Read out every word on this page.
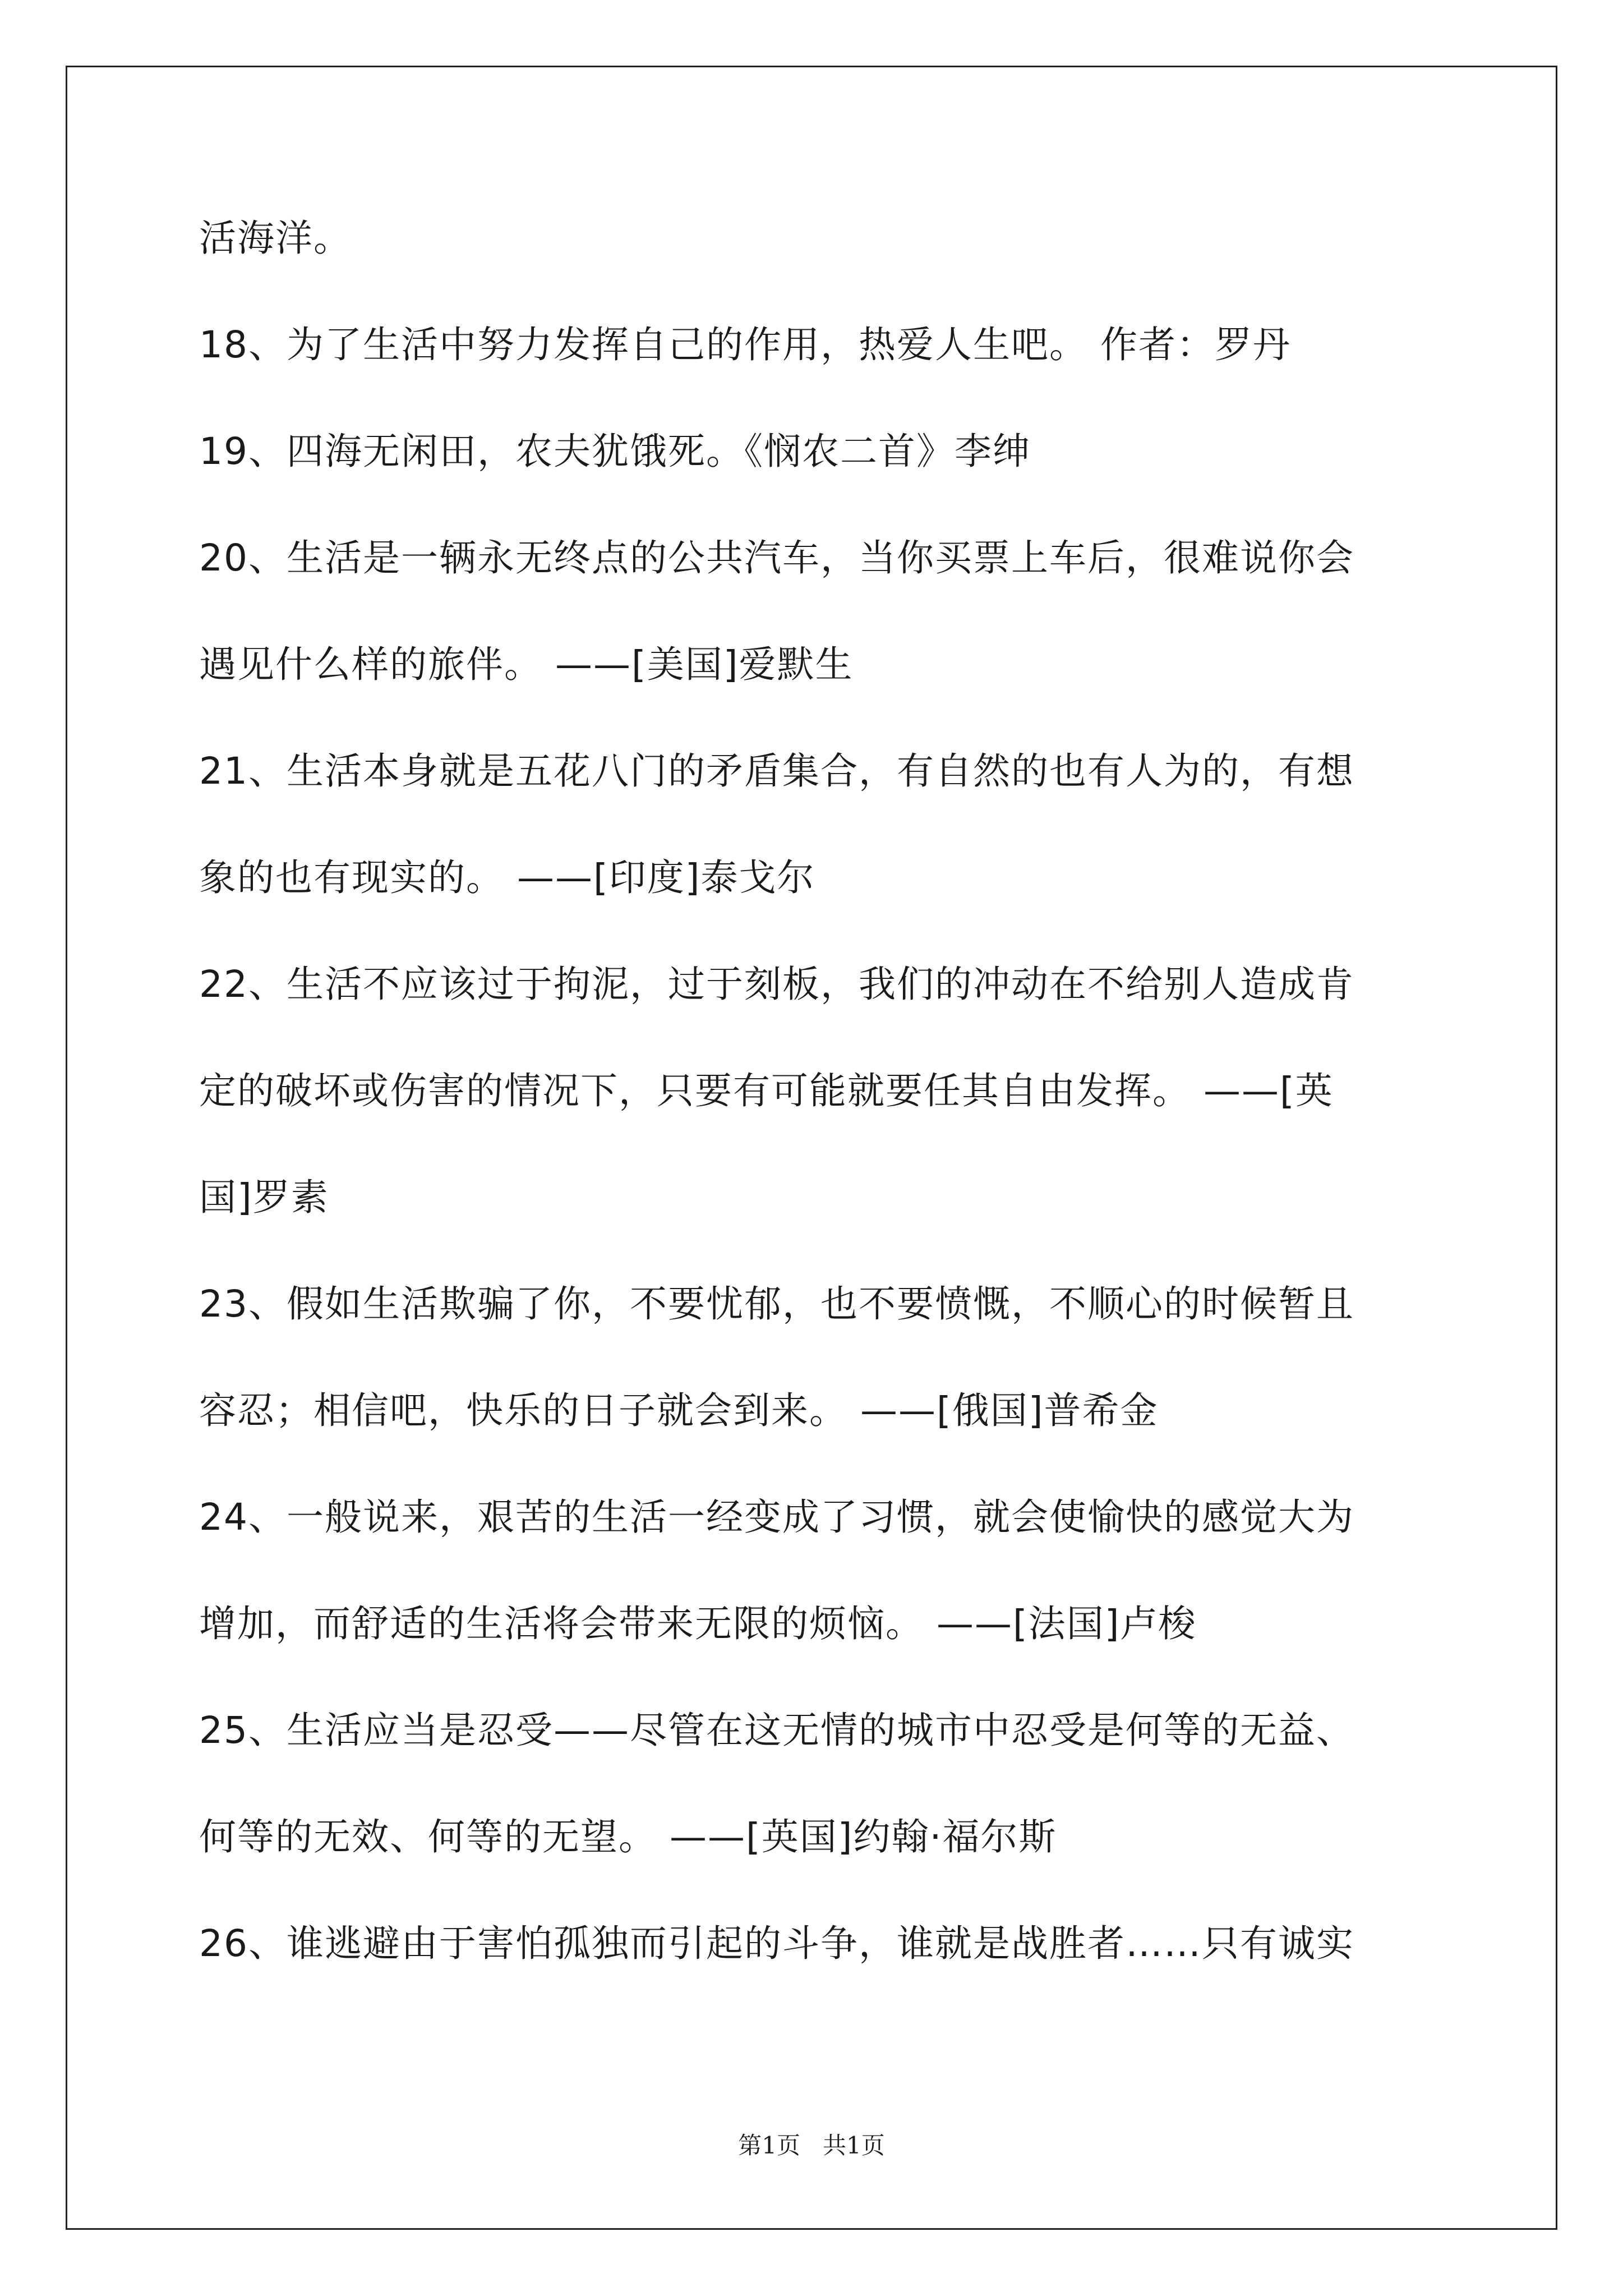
活海洋。

18、为了生活中努力发挥自己的作用，热爱人生吧。 作者：罗丹

19、四海无闲田，农夫犹饿死。《悯农二首》李绅

20、生活是一辆永无终点的公共汽车，当你买票上车后，很难说你会

遇见什么样的旅伴。 ——[美国]爱默生

21、生活本身就是五花八门的矛盾集合，有自然的也有人为的，有想

象的也有现实的。 ——[印度]泰戈尔

22、生活不应该过于拘泥，过于刻板，我们的冲动在不给别人造成肯

定的破坏或伤害的情况下，只要有可能就要任其自由发挥。 ——[英

国]罗素

23、假如生活欺骗了你，不要忧郁，也不要愤慨，不顺心的时候暂且

容忍；相信吧，快乐的日子就会到来。 ——[俄国]普希金

24、一般说来，艰苦的生活一经变成了习惯，就会使愉快的感觉大为

增加，而舒适的生活将会带来无限的烦恼。 ——[法国]卢梭

25、生活应当是忍受——尽管在这无情的城市中忍受是何等的无益、

何等的无效、何等的无望。 ——[英国]约翰·福尔斯

26、谁逃避由于害怕孤独而引起的斗争，谁就是战胜者……只有诚实

第1页   共1页
